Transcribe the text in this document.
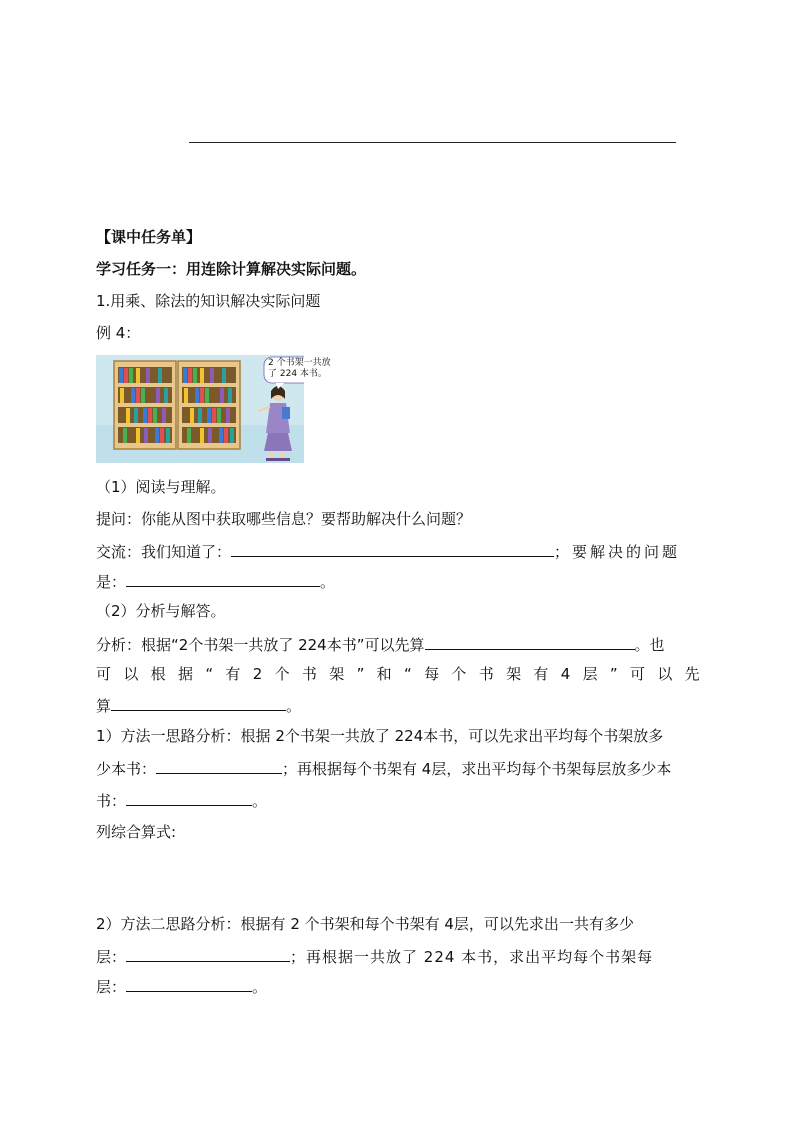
【课中任务单】
学习任务一：用连除计算解决实际问题。
1.用乘、除法的知识解决实际问题
例 4：
2 个书架一共放
了 224 本书。
（1）阅读与理解。
提问：你能从图中获取哪些信息？要帮助解决什么问题？
交流：我们知道了：	；要解决的问题
是：	。
（2）分析与解答。
分析：根据“2个书架一共放了 224本书”可以先算	。也
可 以 根 据 “ 有 2 个 书 架 ” 和 “ 每 个 书 架 有 4 层 ” 可 以 先
算	。
1）方法一思路分析：根据 2个书架一共放了 224本书，可以先求出平均每个书架放多
少本书：	；再根据每个书架有 4层，求出平均每个书架每层放多少本
书：	。
列综合算式:
2）方法二思路分析：根据有 2 个书架和每个书架有 4层，可以先求出一共有多少
层：	；再根据一共放了 224 本书，求出平均每个书架每
层：	。
